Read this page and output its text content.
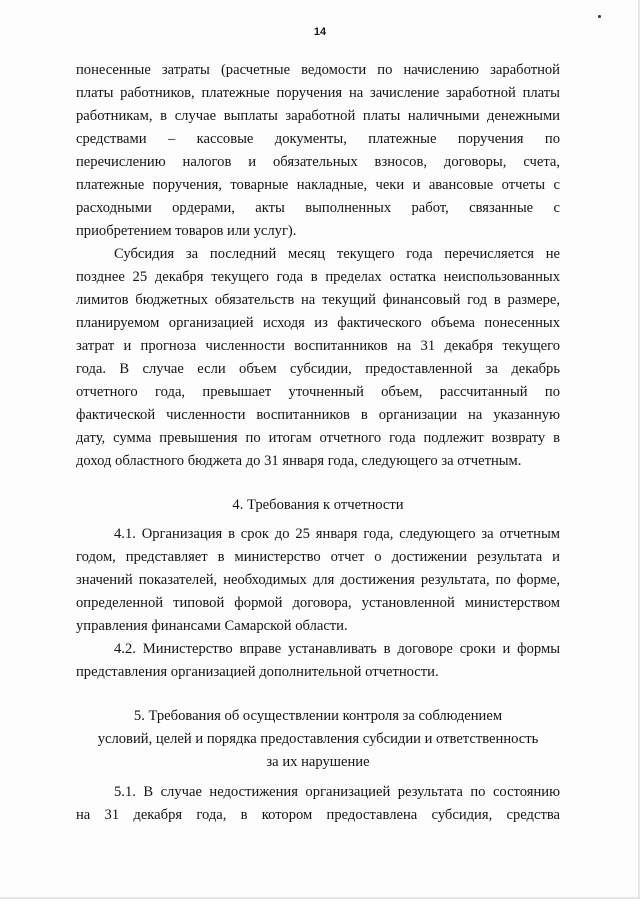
14
понесенные затраты (расчетные ведомости по начислению заработной
платы работников, платежные поручения на зачисление заработной платы
работникам, в случае выплаты заработной платы наличными денежными
средствами – кассовые документы, платежные поручения по
перечислению налогов и обязательных взносов, договоры, счета,
платежные поручения, товарные накладные, чеки и авансовые отчеты с
расходными ордерами, акты выполненных работ, связанные с
приобретением товаров или услуг).
Субсидия за последний месяц текущего года перечисляется не
позднее 25 декабря текущего года в пределах остатка неиспользованных
лимитов бюджетных обязательств на текущий финансовый год в размере,
планируемом организацией исходя из фактического объема понесенных
затрат и прогноза численности воспитанников на 31 декабря текущего
года. В случае если объем субсидии, предоставленной за декабрь
отчетного года, превышает уточненный объем, рассчитанный по
фактической численности воспитанников в организации на указанную
дату, сумма превышения по итогам отчетного года подлежит возврату в
доход областного бюджета до 31 января года, следующего за отчетным.
4. Требования к отчетности
4.1. Организация в срок до 25 января года, следующего за отчетным
годом, представляет в министерство отчет о достижении результата и
значений показателей, необходимых для достижения результата, по форме,
определенной типовой формой договора, установленной министерством
управления финансами Самарской области.
4.2. Министерство вправе устанавливать в договоре сроки и формы
представления организацией дополнительной отчетности.
5. Требования об осуществлении контроля за соблюдением
условий, целей и порядка предоставления субсидии и ответственность
за их нарушение
5.1. В случае недостижения организацией результата по состоянию
на 31 декабря года, в котором предоставлена субсидия, средства
